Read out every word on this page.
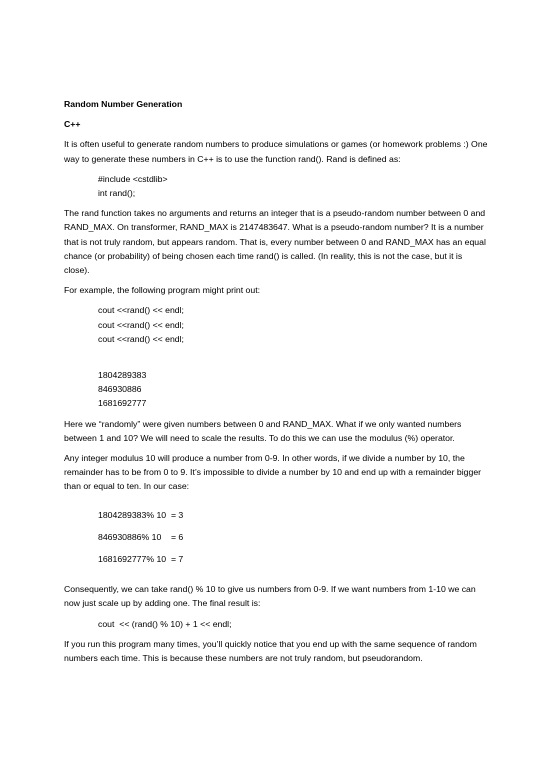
Random Number Generation
C++

It is often useful to generate random numbers to produce simulations or games (or homework problems :) One way to generate these numbers in C++ is to use the function rand(). Rand is defined as:

#include <cstdlib>
int rand();

The rand function takes no arguments and returns an integer that is a pseudo-random number between 0 and RAND_MAX. On transformer, RAND_MAX is 2147483647. What is a pseudo-random number? It is a number that is not truly random, but appears random. That is, every number between 0 and RAND_MAX has an equal chance (or probability) of being chosen each time rand() is called. (In reality, this is not the case, but it is close).

For example, the following program might print out:

cout <<rand() << endl;
cout <<rand() << endl;
cout <<rand() << endl;
1804289383
846930886
1681692777

Here we “randomly” were given numbers between 0 and RAND_MAX. What if we only wanted numbers between 1 and 10? We will need to scale the results. To do this we can use the modulus (%) operator.

Any integer modulus 10 will produce a number from 0-9. In other words, if we divide a number by 10, the remainder has to be from 0 to 9. It’s impossible to divide a number by 10 and end up with a remainder bigger than or equal to ten. In our case:

1804289383% 10  = 3
846930886% 10    = 6
1681692777% 10  = 7

Consequently, we can take rand() % 10 to give us numbers from 0-9. If we want numbers from 1-10 we can now just scale up by adding one. The final result is:

cout  << (rand() % 10) + 1 << endl;

If you run this program many times, you’ll quickly notice that you end up with the same sequence of random numbers each time. This is because these numbers are not truly random, but pseudorandom.
